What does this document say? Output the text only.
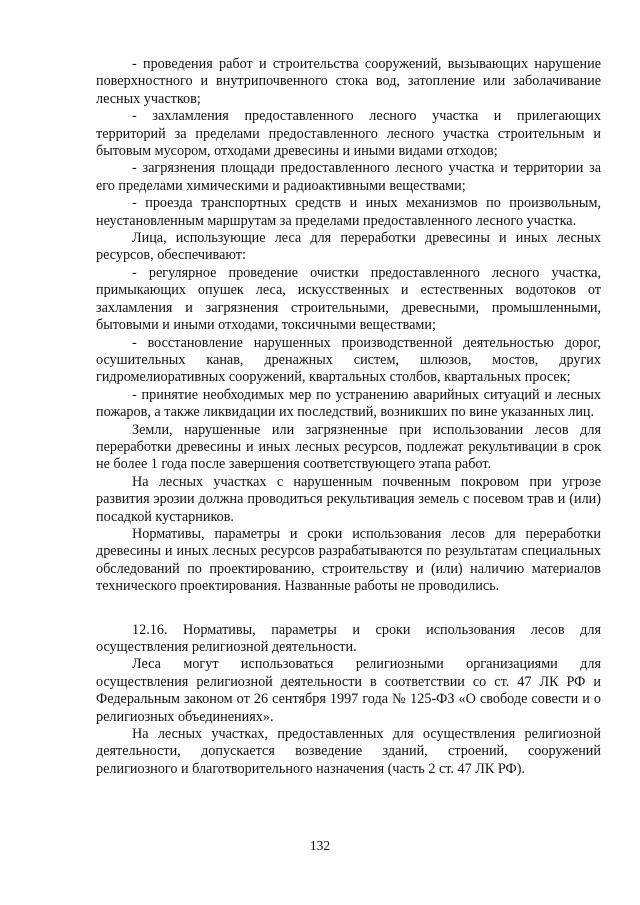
- проведения работ и строительства сооружений, вызывающих нарушение поверхностного и внутрипочвенного стока вод, затопление или заболачивание лесных участков;

- захламления предоставленного лесного участка и прилегающих территорий за пределами предоставленного лесного участка строительным и бытовым мусором, отходами древесины и иными видами отходов;

- загрязнения площади предоставленного лесного участка и территории за его пределами химическими и радиоактивными веществами;

- проезда транспортных средств и иных механизмов по произвольным, неустановленным маршрутам за пределами предоставленного лесного участка.

Лица, использующие леса для переработки древесины и иных лесных ресурсов, обеспечивают:

- регулярное проведение очистки предоставленного лесного участка, примыкающих опушек леса, искусственных и естественных водотоков от захламления и загрязнения строительными, древесными, промышленными, бытовыми и иными отходами, токсичными веществами;

- восстановление нарушенных производственной деятельностью дорог, осушительных канав, дренажных систем, шлюзов, мостов, других гидромелиоративных сооружений, квартальных столбов, квартальных просек;

- принятие необходимых мер по устранению аварийных ситуаций и лесных пожаров, а также ликвидации их последствий, возникших по вине указанных лиц.

Земли, нарушенные или загрязненные при использовании лесов для переработки древесины и иных лесных ресурсов, подлежат рекультивации в срок не более 1 года после завершения соответствующего этапа работ.

На лесных участках с нарушенным почвенным покровом при угрозе развития эрозии должна проводиться рекультивация земель с посевом трав и (или) посадкой кустарников.

Нормативы, параметры и сроки использования лесов для переработки древесины и иных лесных ресурсов разрабатываются по результатам специальных обследований по проектированию, строительству и (или) наличию материалов технического проектирования. Названные работы не проводились.

12.16. Нормативы, параметры и сроки использования лесов для осуществления религиозной деятельности.

Леса могут использоваться религиозными организациями для осуществления религиозной деятельности в соответствии со ст. 47 ЛК РФ и Федеральным законом от 26 сентября 1997 года № 125-ФЗ «О свободе совести и о религиозных объединениях».

На лесных участках, предоставленных для осуществления религиозной деятельности, допускается возведение зданий, строений, сооружений религиозного и благотворительного назначения (часть 2 ст. 47 ЛК РФ).

132
